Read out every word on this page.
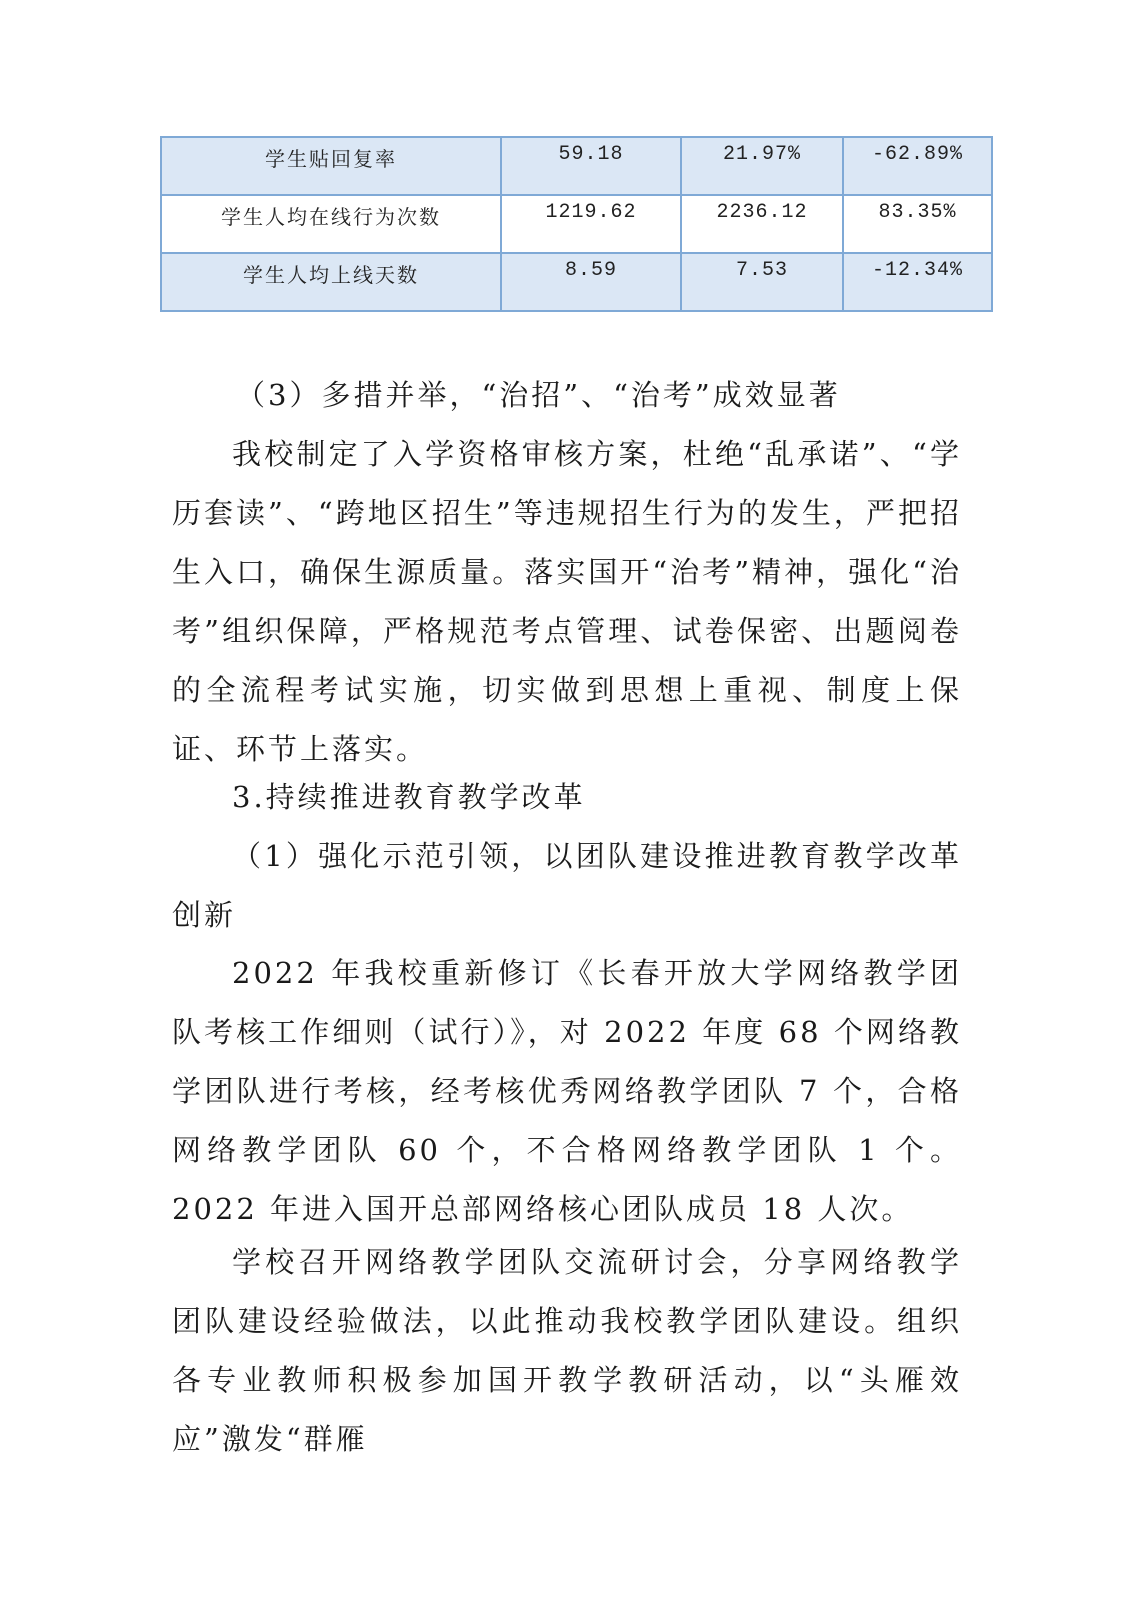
学生贴回复率	59.18	21.97%	-62.89%
学生人均在线行为次数	1219.62	2236.12	83.35%
学生人均上线天数	8.59	7.53	-12.34%

（3）多措并举，“治招”、“治考”成效显著

我校制定了入学资格审核方案，杜绝“乱承诺”、“学历套读”、“跨地区招生”等违规招生行为的发生，严把招生入口，确保生源质量。落实国开“治考”精神，强化“治考”组织保障，严格规范考点管理、试卷保密、出题阅卷的全流程考试实施，切实做到思想上重视、制度上保证、环节上落实。

3.持续推进教育教学改革

（1）强化示范引领，以团队建设推进教育教学改革创新

2022 年我校重新修订《长春开放大学网络教学团队考核工作细则（试行）》，对 2022 年度 68 个网络教学团队进行考核，经考核优秀网络教学团队 7 个，合格网络教学团队 60 个，不合格网络教学团队 1 个。2022 年进入国开总部网络核心团队成员 18 人次。

学校召开网络教学团队交流研讨会，分享网络教学团队建设经验做法，以此推动我校教学团队建设。组织各专业教师积极参加国开教学教研活动，以“头雁效应”激发“群雁
